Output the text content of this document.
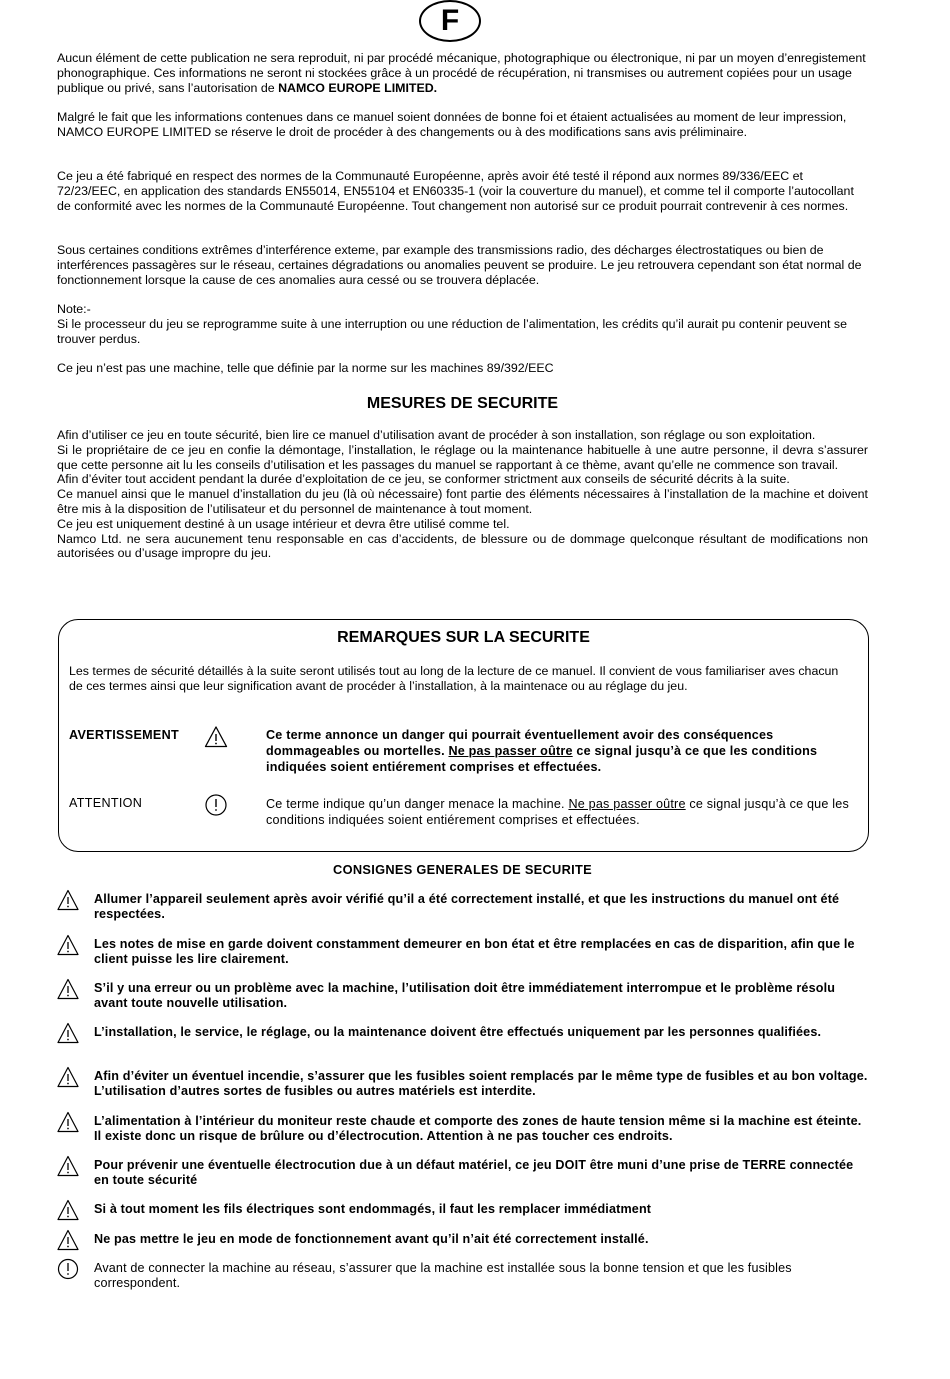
F

Aucun élément de cette publication ne sera reproduit, ni par procédé mécanique, photographique ou électronique, ni par un moyen d’enregistement phonographique. Ces informations ne seront ni stockées grâce à un procédé de récupération, ni transmises ou autrement copiées pour un usage publique ou privé, sans l’autorisation de NAMCO EUROPE LIMITED.

Malgré le fait que les informations contenues dans ce manuel soient données de bonne foi et étaient actualisées au moment de leur impression, NAMCO EUROPE LIMITED se réserve le droit de procéder à des changements ou à des modifications sans avis préliminaire.

Ce jeu a été fabriqué en respect des normes de la Communauté Européenne, après avoir été testé il répond aux normes 89/336/EEC et 72/23/EEC, en application des standards EN55014, EN55104 et EN60335-1 (voir la couverture du manuel), et comme tel il comporte l’autocollant de conformité avec les normes de la Communauté Européenne. Tout changement non autorisé sur ce produit pourrait contrevenir à ces normes.

Sous certaines conditions extrêmes d’interférence exteme, par example des transmissions radio, des décharges électrostatiques ou bien de interférences passagères sur le réseau, certaines dégradations ou anomalies peuvent se produire. Le jeu retrouvera cependant son état normal de fonctionnement lorsque la cause de ces anomalies aura cessé ou se trouvera déplacée.

Note:-

Si le processeur du jeu se reprogramme suite à une interruption ou une réduction de l’alimentation, les crédits qu’il aurait pu contenir peuvent se trouver perdus.

Ce jeu n’est pas une machine, telle que définie par la norme sur les machines 89/392/EEC

MESURES DE SECURITE
Afin d’utiliser ce jeu en toute sécurité, bien lire ce manuel d’utilisation avant de procéder à son installation, son réglage ou son exploitation.
Si le propriétaire de ce jeu en confie la démontage, l’installation, le réglage ou la maintenance habituelle à une autre personne, il devra s’assurer que cette personne ait lu les conseils d’utilisation et les passages du manuel se rapportant à ce thème, avant qu’elle ne commence son travail.
Afin d’éviter tout accident pendant la durée d’exploitation de ce jeu, se conformer strictment aux conseils de sécurité décrits à la suite.
Ce manuel ainsi que le manuel d’installation du jeu (là où nécessaire) font partie des éléments nécessaires à l’installation de la machine et doivent être mis à la disposition de l’utilisateur et du personnel de maintenance à tout moment.
Ce jeu est uniquement destiné à un usage intérieur et devra être utilisé comme tel.
Namco Ltd. ne sera aucunement tenu responsable en cas d’accidents, de blessure ou de dommage quelconque résultant de modifications non autorisées ou d’usage impropre du jeu.
REMARQUES SUR LA SECURITE

Les termes de sécurité détaillés à la suite seront utilisés tout au long de la lecture de ce manuel. Il convient de vous familiariser aves chacun de ces termes ainsi que leur signification avant de procéder à l’installation, à la maintenace ou au réglage du jeu.

AVERTISSEMENT	Ce terme annonce un danger qui pourrait éventuellement avoir des conséquences dommageables ou mortelles. Ne pas passer oûtre ce signal jusqu’à ce que les conditions indiquées soient entiérement comprises et effectuées.

ATTENTION	Ce terme indique qu’un danger menace la machine. Ne pas passer oûtre ce signal jusqu’à ce que les conditions indiquées soient entiérement comprises et effectuées.

CONSIGNES GENERALES DE SECURITE

Allumer l’appareil seulement après avoir vérifié qu’il a été correctement installé, et que les instructions du manuel ont été respectées.

Les notes de mise en garde doivent constamment demeurer en bon état et être remplacées en cas de disparition, afin que le client puisse les lire clairement.

S’il y una erreur ou un problème avec la machine, l’utilisation doit être immédiatement interrompue et le problème résolu avant toute nouvelle utilisation.

L’installation, le service, le réglage, ou la maintenance doivent être effectués uniquement par les personnes qualifiées.

Afin d’éviter un éventuel incendie, s’assurer que les fusibles soient remplacés par le même type de fusibles et au bon voltage. L’utilisation d’autres sortes de fusibles ou autres matériels est interdite.

L’alimentation à l’intérieur du moniteur reste chaude et comporte des zones de haute tension même si la machine est éteinte. Il existe donc un risque de brûlure ou d’électrocution. Attention à ne pas toucher ces endroits.

Pour prévenir une éventuelle électrocution due à un défaut matériel, ce jeu DOIT être muni d’une prise de TERRE connectée en toute sécurité

Si à tout moment les fils électriques sont endommagés, il faut les remplacer immédiatment

Ne pas mettre le jeu en mode de fonctionnement avant qu’il n’ait été correctement installé.

Avant de connecter la machine au réseau, s’assurer que la machine est installée sous la bonne tension et que les fusibles correspondent.
